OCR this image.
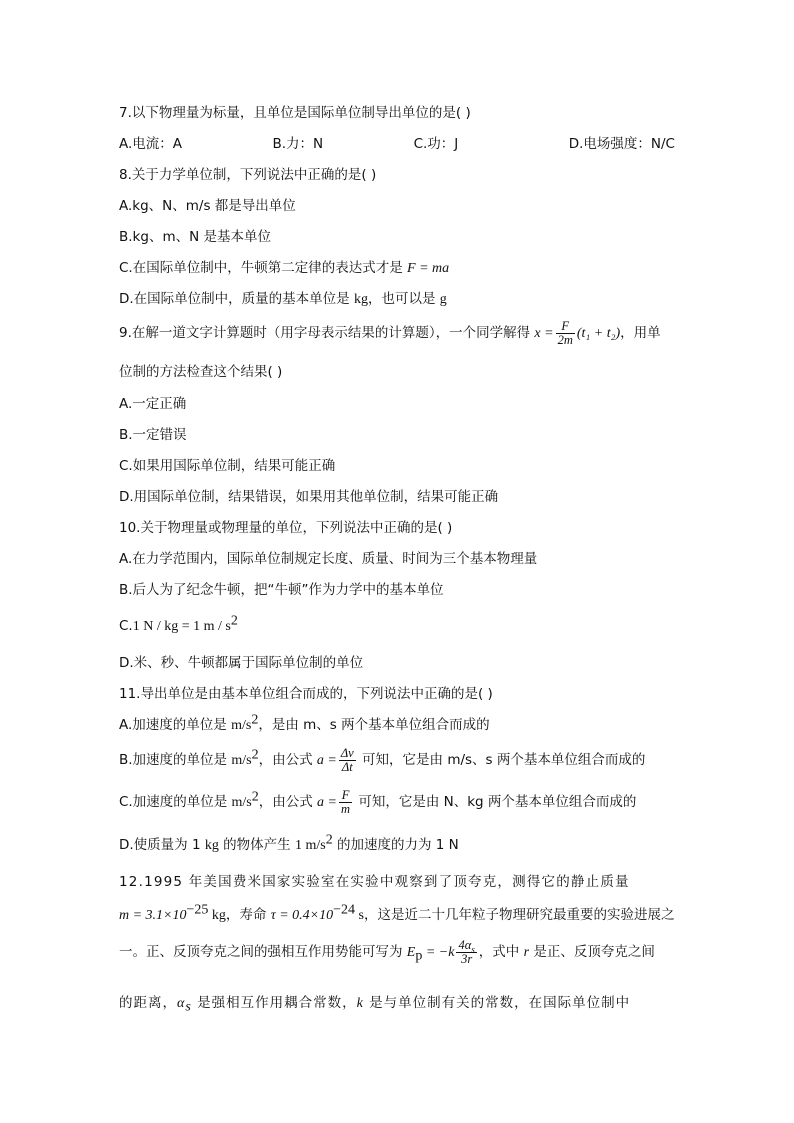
7.以下物理量为标量，且单位是国际单位制导出单位的是( )
A.电流：A	B.力：N	C.功：J	D.电场强度：N/C
8.关于力学单位制，下列说法中正确的是( )
A.kg、N、m/s 都是导出单位
B.kg、m、N 是基本单位
C.在国际单位制中，牛顿第二定律的表达式才是 F = ma
D.在国际单位制中，质量的基本单位是 kg，也可以是 g
9.在解一道文字计算题时（用字母表示结果的计算题），一个同学解得 $x = \frac{F}{2m} (t_1 + t_2)$，用单
位制的方法检查这个结果( )
A.一定正确
B.一定错误
C.如果用国际单位制，结果可能正确
D.用国际单位制，结果错误，如果用其他单位制，结果可能正确
10.关于物理量或物理量的单位，下列说法中正确的是( )
A.在力学范围内，国际单位制规定长度、质量、时间为三个基本物理量
B.后人为了纪念牛顿，把“牛顿”作为力学中的基本单位
C.1 N / kg = 1 m / $s^2$
D.米、秒、牛顿都属于国际单位制的单位
11.导出单位是由基本单位组合而成的，下列说法中正确的是( )
A.加速度的单位是 $m/s^2$，是由 m、s 两个基本单位组合而成的
B.加速度的单位是 $m/s^2$，由公式 $a = \frac{\Delta v}{\Delta t}$ 可知，它是由 m/s、s 两个基本单位组合而成的
C.加速度的单位是 $m/s^2$，由公式 $a = \frac{F}{m}$ 可知，它是由 N、kg 两个基本单位组合而成的
D.使质量为 1 kg 的物体产生 1 $m/s^2$ 的加速度的力为 1 N
12.1995 年美国费米国家实验室在实验中观察到了顶夸克，测得它的静止质量
$m = 3.1\times 10^{-25}$ kg，寿命 $\tau = 0.4\times 10^{-24}$ s，这是近二十几年粒子物理研究最重要的实验进展之
一。正、反顶夸克之间的强相互作用势能可写为 $E_p = -k \frac{4\alpha_s}{3r}$ ，式中 r 是正、反顶夸克之间
的距离，$\alpha_s$ 是强相互作用耦合常数，k 是与单位制有关的常数，在国际单位制中
